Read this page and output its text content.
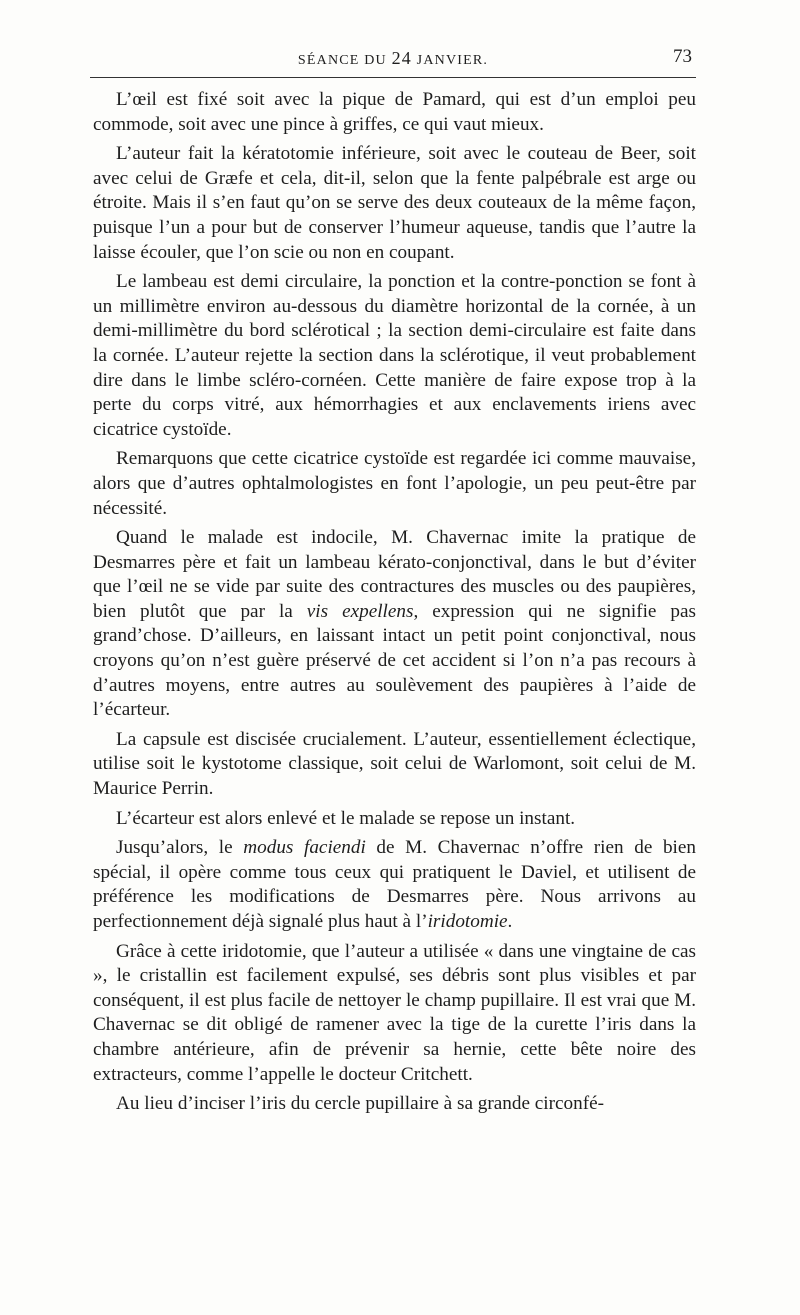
SÉANCE DU 24 JANVIER.	73

L’œil est fixé soit avec la pique de Pamard, qui est d’un emploi peu commode, soit avec une pince à griffes, ce qui vaut mieux.

L’auteur fait la kératotomie inférieure, soit avec le couteau de Beer, soit avec celui de Græfe et cela, dit-il, selon que la fente palpébrale est arge ou étroite. Mais il s’en faut qu’on se serve des deux couteaux de la même façon, puisque l’un a pour but de conserver l’humeur aqueuse, tandis que l’autre la laisse écouler, que l’on scie ou non en coupant.

Le lambeau est demi circulaire, la ponction et la contre-ponction se font à un millimètre environ au-dessous du diamètre horizontal de la cornée, à un demi-millimètre du bord sclérotical ; la section demi-circulaire est faite dans la cornée. L’auteur rejette la section dans la sclérotique, il veut probablement dire dans le limbe scléro-cornéen. Cette manière de faire expose trop à la perte du corps vitré, aux hémorrhagies et aux enclavements iriens avec cicatrice cystoïde.

Remarquons que cette cicatrice cystoïde est regardée ici comme mauvaise, alors que d’autres ophtalmologistes en font l’apologie, un peu peut-être par nécessité.

Quand le malade est indocile, M. Chavernac imite la pratique de Desmarres père et fait un lambeau kérato-conjonctival, dans le but d’éviter que l’œil ne se vide par suite des contractures des muscles ou des paupières, bien plutôt que par la vis expellens, expression qui ne signifie pas grand’chose. D’ailleurs, en laissant intact un petit point conjonctival, nous croyons qu’on n’est guère préservé de cet accident si l’on n’a pas recours à d’autres moyens, entre autres au soulèvement des paupières à l’aide de l’écarteur.

La capsule est discisée crucialement. L’auteur, essentiellement éclectique, utilise soit le kystotome classique, soit celui de Warlomont, soit celui de M. Maurice Perrin.

L’écarteur est alors enlevé et le malade se repose un instant.

Jusqu’alors, le modus faciendi de M. Chavernac n’offre rien de bien spécial, il opère comme tous ceux qui pratiquent le Daviel, et utilisent de préférence les modifications de Desmarres père. Nous arrivons au perfectionnement déjà signalé plus haut à l’iridotomie.

Grâce à cette iridotomie, que l’auteur a utilisée « dans une vingtaine de cas », le cristallin est facilement expulsé, ses débris sont plus visibles et par conséquent, il est plus facile de nettoyer le champ pupillaire. Il est vrai que M. Chavernac se dit obligé de ramener avec la tige de la curette l’iris dans la chambre antérieure, afin de prévenir sa hernie, cette bête noire des extracteurs, comme l’appelle le docteur Critchett.

Au lieu d’inciser l’iris du cercle pupillaire à sa grande circonfé-
